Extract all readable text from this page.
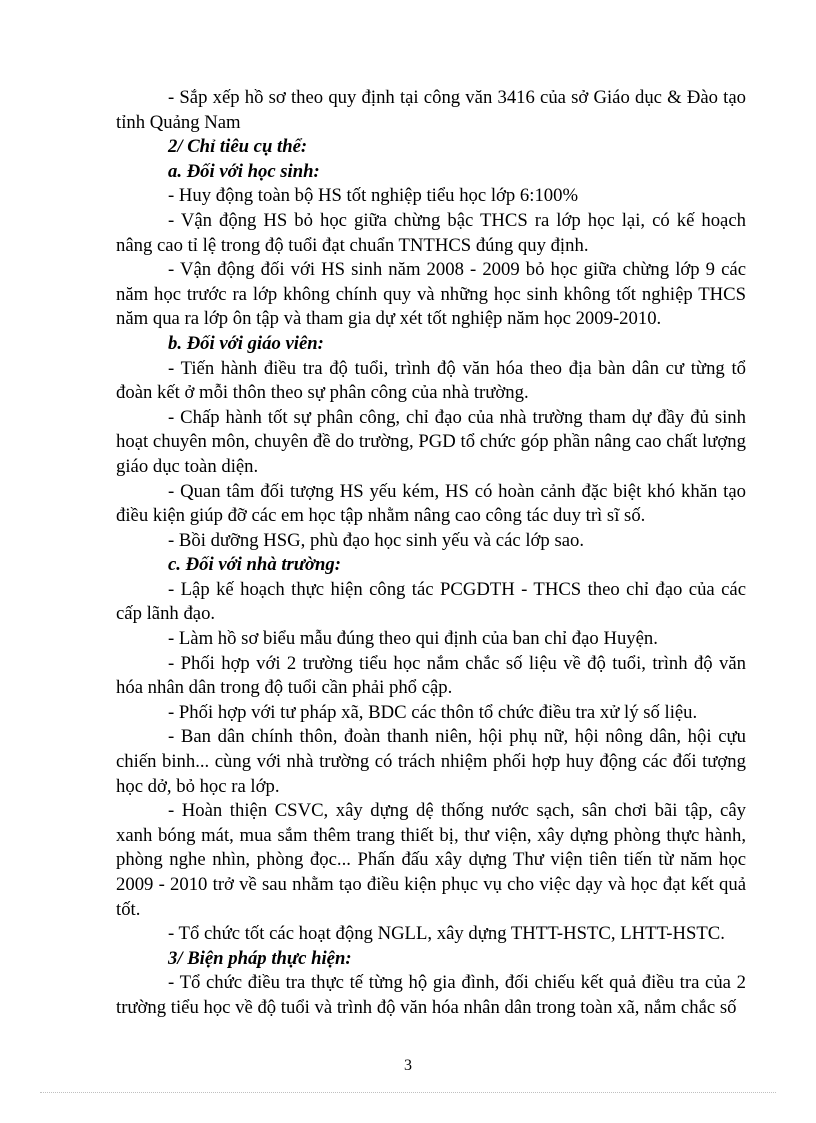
- Sắp xếp hồ sơ theo quy định tại công văn 3416 của sở Giáo dục & Đào tạo tỉnh Quảng Nam

2/ Chỉ tiêu cụ thể:

a. Đối với học sinh:

- Huy động toàn bộ HS tốt nghiệp tiểu học lớp 6:100%

- Vận động HS bỏ học giữa chừng bậc THCS ra lớp học lại, có kế hoạch nâng cao tỉ lệ trong độ tuổi đạt chuẩn TNTHCS đúng quy định.

- Vận động đối với HS sinh năm 2008 - 2009 bỏ học giữa chừng lớp 9 các năm học trước ra lớp không chính quy và những học sinh không tốt nghiệp THCS năm qua ra lớp ôn tập và tham gia dự xét tốt nghiệp năm học 2009-2010.

b. Đối với giáo viên:

- Tiến hành điều tra độ tuổi, trình độ văn hóa theo địa bàn dân cư từng tổ đoàn kết ở mỗi thôn theo sự phân công của nhà trường.

- Chấp hành tốt sự phân công, chỉ đạo của nhà trường tham dự đầy đủ sinh hoạt chuyên môn, chuyên đề do trường, PGD tổ chức góp phần nâng cao chất lượng giáo dục toàn diện.

- Quan tâm đối tượng HS yếu kém, HS có hoàn cảnh đặc biệt khó khăn tạo điều kiện giúp đỡ các em học tập nhằm nâng cao công tác duy trì sĩ số.

- Bồi dưỡng HSG, phù đạo học sinh yếu và các lớp sao.

c. Đối với nhà trường:

- Lập kế hoạch thực hiện công tác PCGDTH - THCS theo chỉ đạo của các cấp lãnh đạo.

- Làm hồ sơ biểu mẫu đúng theo qui định của ban chỉ đạo Huyện.

- Phối hợp với 2 trường tiểu học nắm chắc số liệu về độ tuổi, trình độ văn hóa nhân dân trong độ tuổi cần phải phổ cập.

- Phối hợp với tư pháp xã, BDC các thôn tổ chức điều tra xử lý số liệu.

- Ban dân chính thôn, đoàn thanh niên, hội phụ nữ, hội nông dân, hội cựu chiến binh... cùng với nhà trường có trách nhiệm phối hợp huy động các đối tượng học dở, bỏ học ra lớp.

- Hoàn thiện CSVC, xây dựng dệ thống nước sạch, sân chơi bãi tập, cây xanh bóng mát, mua sắm thêm trang thiết bị, thư viện, xây dựng phòng thực hành, phòng nghe nhìn, phòng đọc... Phấn đấu xây dựng Thư viện tiên tiến từ năm học 2009 - 2010 trở về sau nhằm tạo điều kiện phục vụ cho việc dạy và học đạt kết quả tốt.

- Tổ chức tốt các hoạt động NGLL, xây dựng THTT-HSTC, LHTT-HSTC.

3/ Biện pháp thực hiện:

- Tổ chức điều tra thực tế từng hộ gia đình, đối chiếu kết quả điều tra của 2 trường tiểu học về độ tuổi và trình độ văn hóa nhân dân trong toàn xã, nắm chắc số

3
